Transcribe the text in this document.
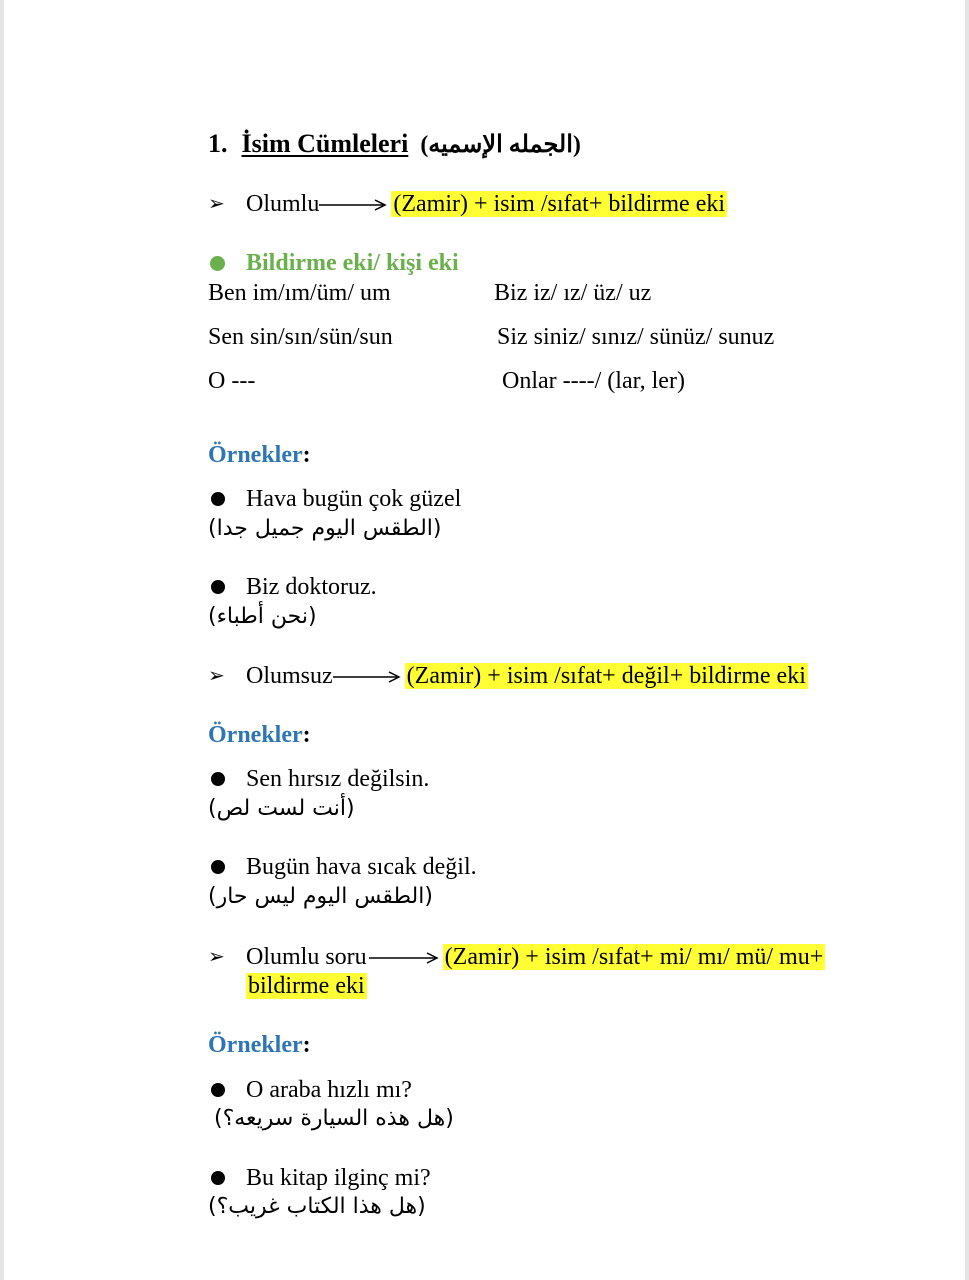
1. İsim Cümleleri (الجمله الإسميه)
➢ Olumlu	(Zamir) + isim /sıfat+ bildirme eki
Bildirme eki/ kişi eki
Ben im/ım/üm/ um	Biz iz/ ız/ üz/ uz
Sen sin/sın/sün/sun	Siz siniz/ sınız/ sünüz/ sunuz
O ---	Onlar ----/ (lar, ler)
Örnekler:
Hava bugün çok güzel
(الطقس اليوم جميل جدا)
Biz doktoruz.
(نحن أطباء)
➢ Olumsuz	(Zamir) + isim /sıfat+ değil+ bildirme eki
Örnekler:
Sen hırsız değilsin.
(أنت لست لص)
Bugün hava sıcak değil.
(الطقس اليوم ليس حار)
➢ Olumlu soru	(Zamir) + isim /sıfat+ mi/ mı/ mü/ mu+
bildirme eki
Örnekler:
O araba hızlı mı?
(هل هذه السيارة سريعه؟)
Bu kitap ilginç mi?
(هل هذا الكتاب غريب؟)
